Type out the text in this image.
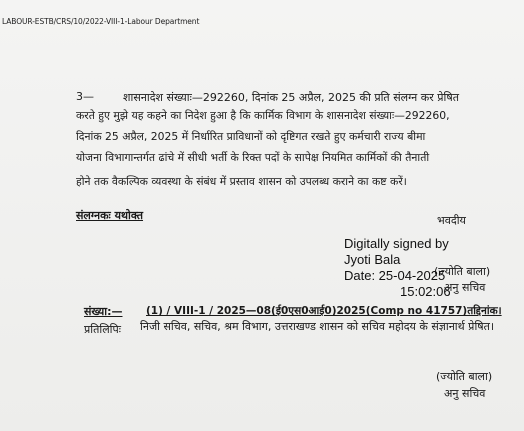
LABOUR-ESTB/CRS/10/2022-VIII-1-Labour Department
3—	शासनादेश संख्याः—292260, दिनांक 25 अप्रैल, 2025 की प्रति संलग्न कर प्रेषित
करते हुए मुझे यह कहने का निदेश हुआ है कि कार्मिक विभाग के शासनादेश संख्याः—292260,
दिनांक 25 अप्रैल, 2025 में निर्धारित प्राविधानों को दृष्टिगत रखते हुए कर्मचारी राज्य बीमा
योजना विभागान्तर्गत ढांचे में सीधी भर्ती के रिक्त पदों के सापेक्ष नियमित कार्मिकों की तैनाती
होने तक वैकल्पिक व्यवस्था के संबंध में प्रस्ताव शासन को उपलब्ध कराने का कष्ट करें।
संलग्नकः यथोक्त	भवदीय
Digitally signed by
Jyoti Bala
Date: 25-04-2025
15:02:06
(ज्योति बाला)
अनु सचिव
संख्या:— (1) / VIII-1 / 2025—08(ई0एस0आई0)2025(Comp no 41757)तद्दिनांक।
प्रतिलिपिः निजी सचिव, सचिव, श्रम विभाग, उत्तराखण्ड शासन को सचिव महोदय के संज्ञानार्थ प्रेषित।
(ज्योति बाला)
अनु सचिव
